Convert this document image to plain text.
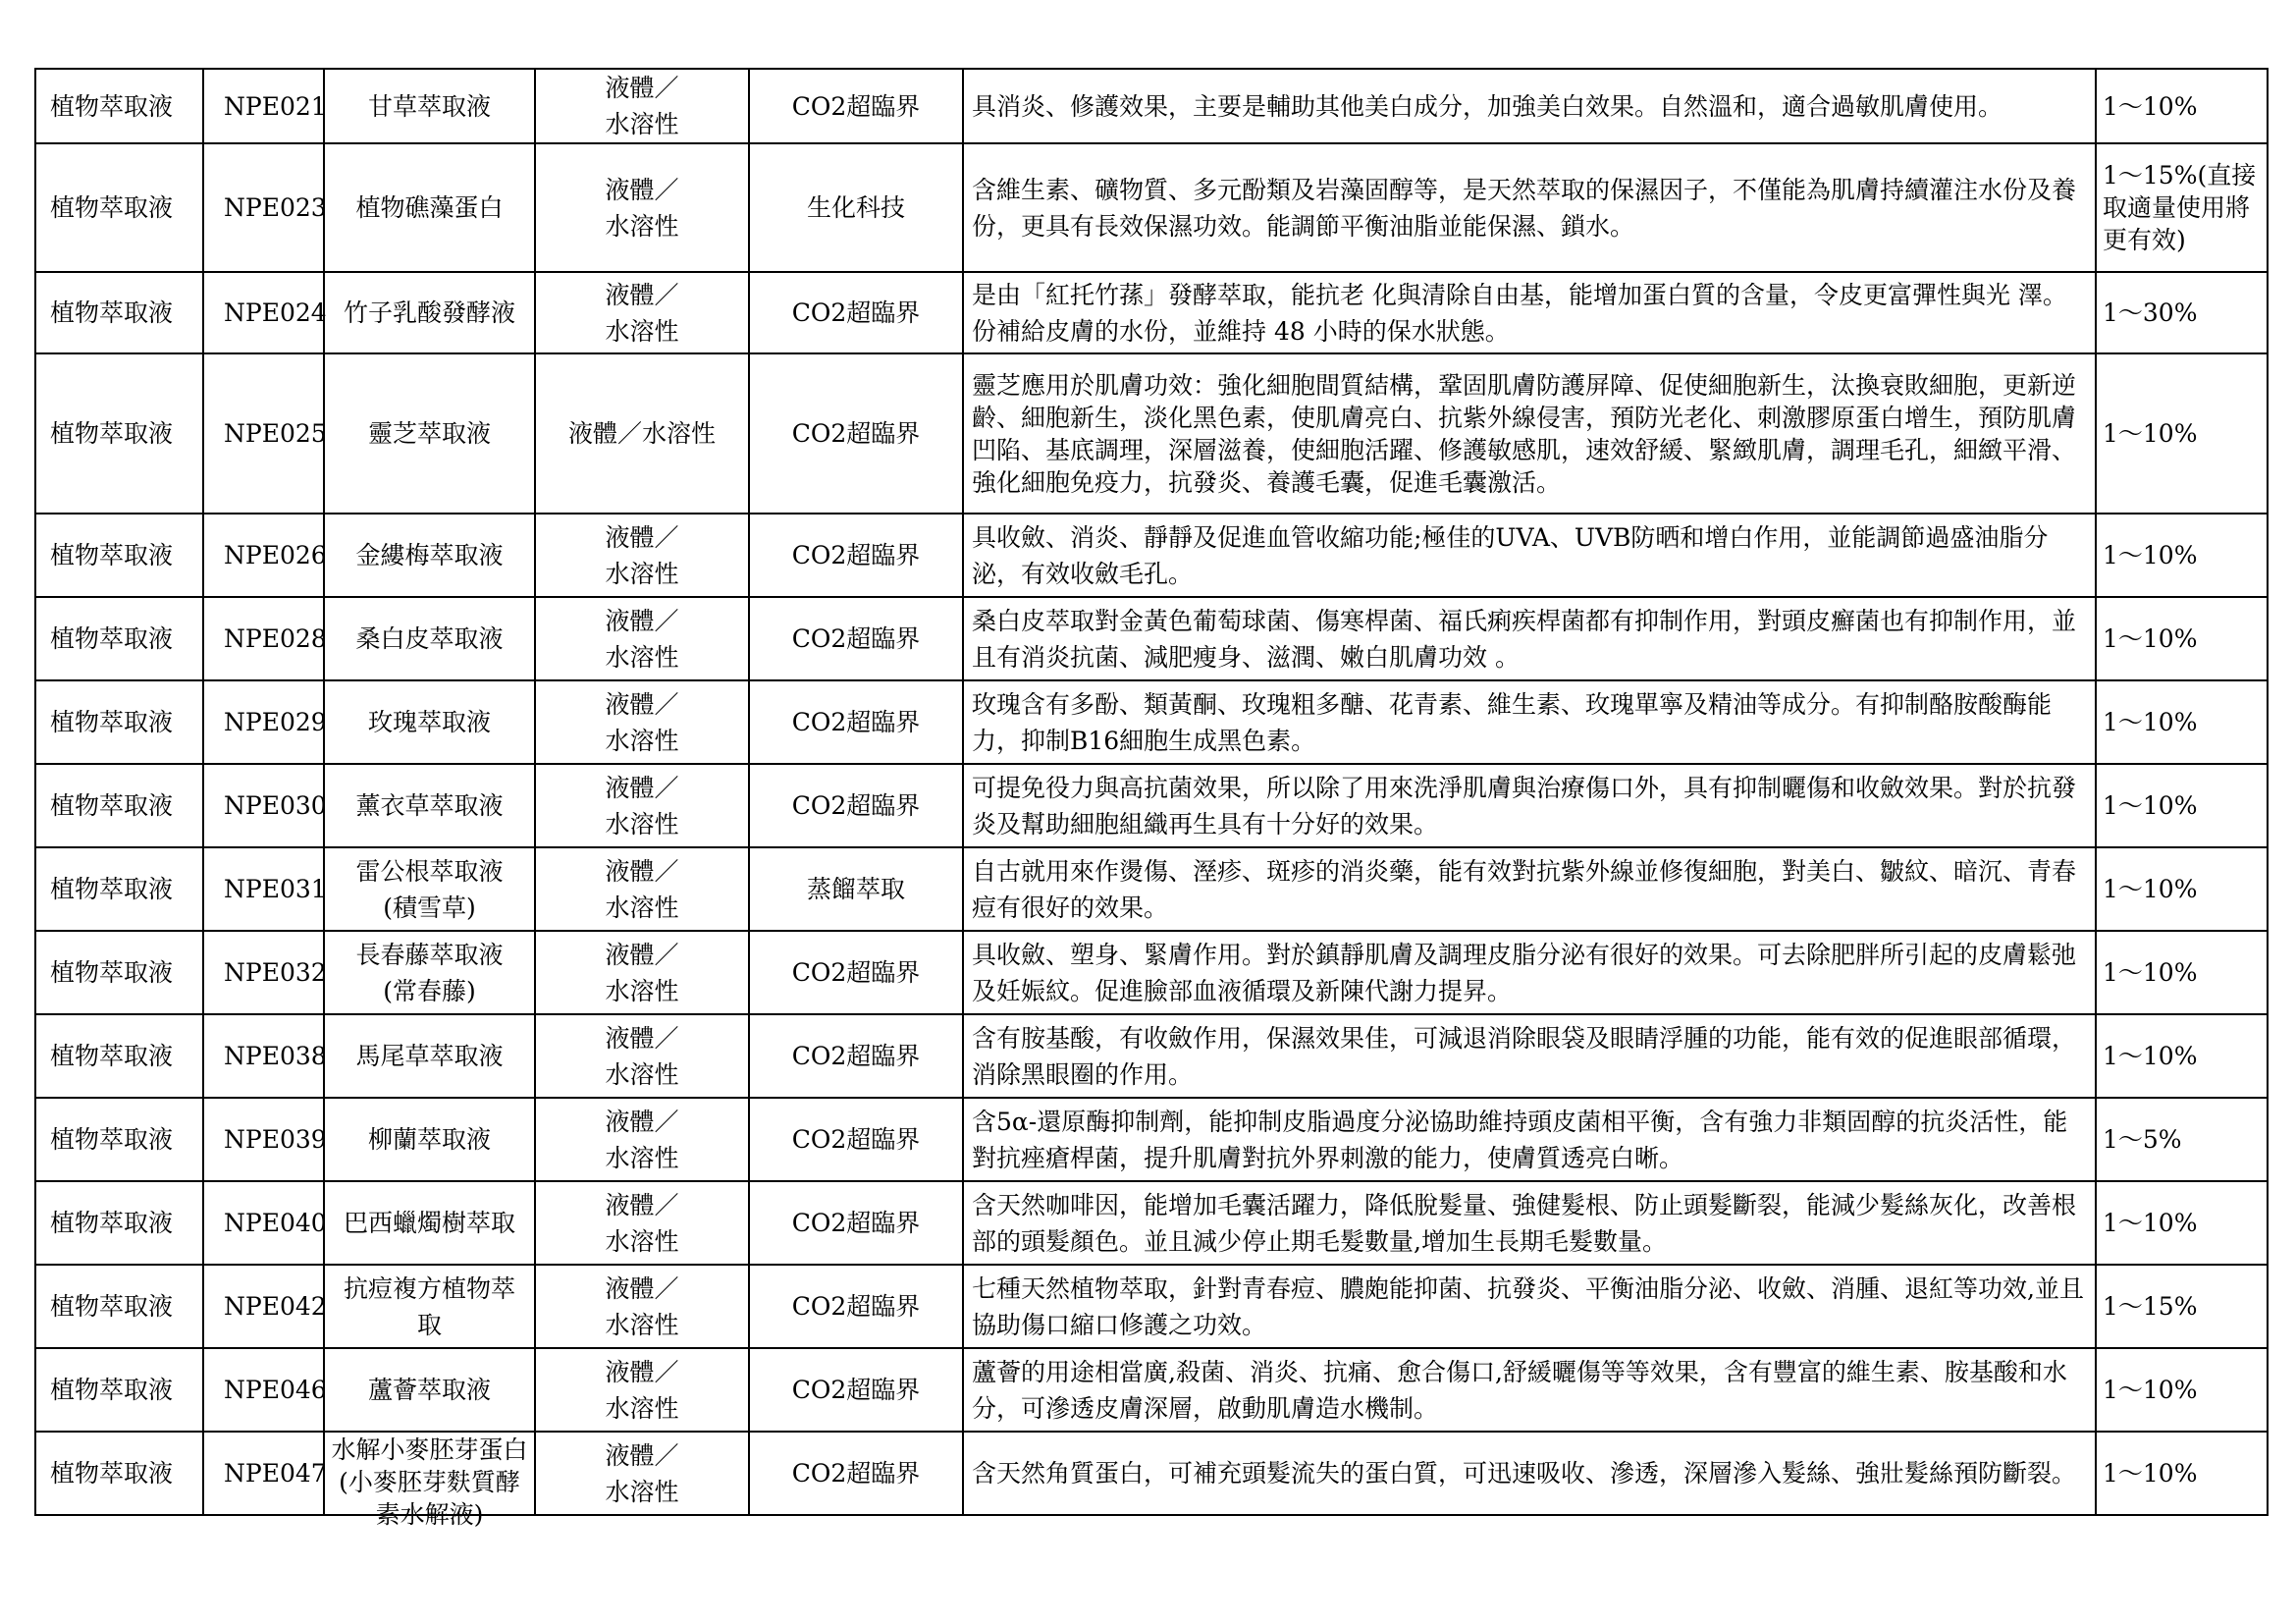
植物萃取液	NPE021	甘草萃取液	液體／
水溶性	CO2超臨界	具消炎、修護效果，主要是輔助其他美白成分，加強美白效果。自然溫和，適合過敏肌膚使用。	1～10%

植物萃取液	NPE023	植物礁藻蛋白	液體／
水溶性	生化科技	含維生素、礦物質、多元酚類及岩藻固醇等，是天然萃取的保濕因子，不僅能為肌膚持續灌注水份及養份，更具有長效保濕功效。能調節平衡油脂並能保濕、鎖水。	1～15%(直接取適量使用將更有效)

植物萃取液	NPE024	竹子乳酸發酵液	液體／
水溶性	CO2超臨界	是由「紅托竹蓀」發酵萃取，能抗老 化與清除自由基，能增加蛋白質的含量，令皮更富彈性與光 澤。份補給皮膚的水份，並維持 48 小時的保水狀態。	1～30%

植物萃取液	NPE025	靈芝萃取液	液體／水溶性	CO2超臨界	靈芝應用於肌膚功效：強化細胞間質結構，鞏固肌膚防護屏障、促使細胞新生，汰換衰敗細胞，更新逆齡、細胞新生，淡化黑色素，使肌膚亮白、抗紫外線侵害，預防光老化、刺激膠原蛋白增生，預防肌膚凹陷、基底調理，深層滋養，使細胞活躍、修護敏感肌，速效舒緩、緊緻肌膚，調理毛孔，細緻平滑、強化細胞免疫力，抗發炎、養護毛囊，促進毛囊激活。	1～10%

植物萃取液	NPE026	金縷梅萃取液	液體／
水溶性	CO2超臨界	具收斂、消炎、靜靜及促進血管收縮功能;極佳的UVA、UVB防晒和增白作用，並能調節過盛油脂分泌，有效收斂毛孔。	1～10%

植物萃取液	NPE028	桑白皮萃取液	液體／
水溶性	CO2超臨界	桑白皮萃取對金黃色葡萄球菌、傷寒桿菌、福氏痢疾桿菌都有抑制作用，對頭皮癬菌也有抑制作用，並且有消炎抗菌、減肥瘦身、滋潤、嫩白肌膚功效 。	1～10%

植物萃取液	NPE029	玫瑰萃取液	液體／
水溶性	CO2超臨界	玫瑰含有多酚、類黃酮、玫瑰粗多醣、花青素、維生素、玫瑰單寧及精油等成分。有抑制酪胺酸酶能力，抑制B16細胞生成黑色素。	1～10%

植物萃取液	NPE030	薰衣草萃取液	液體／
水溶性	CO2超臨界	可提免役力與高抗菌效果，所以除了用來洗淨肌膚與治療傷口外，具有抑制曬傷和收斂效果。對於抗發炎及幫助細胞組織再生具有十分好的效果。	1～10%

植物萃取液	NPE031	雷公根萃取液
(積雪草)	液體／
水溶性	蒸餾萃取	自古就用來作燙傷、溼疹、斑疹的消炎藥，能有效對抗紫外線並修復細胞，對美白、皺紋、暗沉、青春痘有很好的效果。	1～10%

植物萃取液	NPE032	長春藤萃取液
(常春藤)	液體／
水溶性	CO2超臨界	具收斂、塑身、緊膚作用。對於鎮靜肌膚及調理皮脂分泌有很好的效果。可去除肥胖所引起的皮膚鬆弛及妊娠紋。促進臉部血液循環及新陳代謝力提昇。	1～10%

植物萃取液	NPE038	馬尾草萃取液	液體／
水溶性	CO2超臨界	含有胺基酸，有收斂作用，保濕效果佳，可減退消除眼袋及眼睛浮腫的功能，能有效的促進眼部循環，消除黑眼圈的作用。	1～10%

植物萃取液	NPE039	柳蘭萃取液	液體／
水溶性	CO2超臨界	含5α-還原酶抑制劑，能抑制皮脂過度分泌協助維持頭皮菌相平衡，含有強力非類固醇的抗炎活性，能對抗痤瘡桿菌，提升肌膚對抗外界刺激的能力，使膚質透亮白晰。	1～5%

植物萃取液	NPE040	巴西蠟燭樹萃取	液體／
水溶性	CO2超臨界	含天然咖啡因，能增加毛囊活躍力，降低脫髮量、強健髮根、防止頭髮斷裂，能減少髮絲灰化，改善根部的頭髮顏色。並且減少停止期毛髮數量,增加生長期毛髮數量。	1～10%

植物萃取液	NPE042	抗痘複方植物萃
取	液體／
水溶性	CO2超臨界	七種天然植物萃取，針對青春痘、膿皰能抑菌、抗發炎、平衡油脂分泌、收斂、消腫、退紅等功效,並且協助傷口縮口修護之功效。	1～15%

植物萃取液	NPE046	蘆薈萃取液	液體／
水溶性	CO2超臨界	蘆薈的用途相當廣,殺菌、消炎、抗痛、愈合傷口,舒緩曬傷等等效果，含有豐富的維生素、胺基酸和水分，可滲透皮膚深層，啟動肌膚造水機制。	1～10%

植物萃取液	NPE047	水解小麥胚芽蛋白(小麥胚芽麩質酵素水解液)	液體／
水溶性	CO2超臨界	含天然角質蛋白，可補充頭髮流失的蛋白質，可迅速吸收、滲透，深層滲入髮絲、強壯髮絲預防斷裂。	1～10%
